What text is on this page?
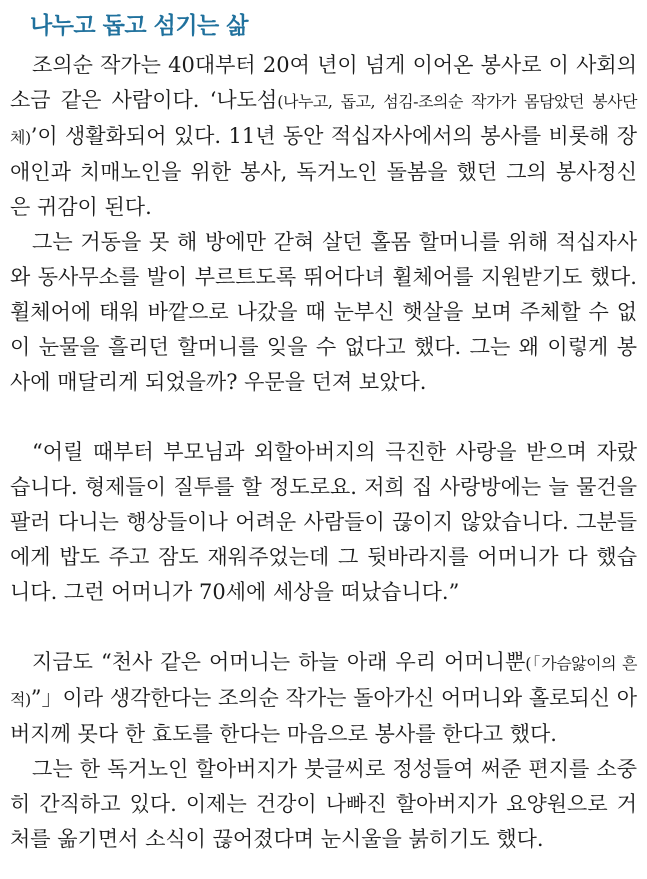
나누고 돕고 섬기는 삶

조의순 작가는 40대부터 20여 년이 넘게 이어온 봉사로 이 사회의 소금 같은 사람이다. ‘나도섬(나누고, 돕고, 섬김-조의순 작가가 몸담았던 봉사단체)’이 생활화되어 있다. 11년 동안 적십자사에서의 봉사를 비롯해 장애인과 치매노인을 위한 봉사, 독거노인 돌봄을 했던 그의 봉사정신은 귀감이 된다.

그는 거동을 못 해 방에만 갇혀 살던 홀몸 할머니를 위해 적십자사와 동사무소를 발이 부르트도록 뛰어다녀 휠체어를 지원받기도 했다. 휠체어에 태워 바깥으로 나갔을 때 눈부신 햇살을 보며 주체할 수 없이 눈물을 흘리던 할머니를 잊을 수 없다고 했다. 그는 왜 이렇게 봉사에 매달리게 되었을까? 우문을 던져 보았다.

“어릴 때부터 부모님과 외할아버지의 극진한 사랑을 받으며 자랐습니다. 형제들이 질투를 할 정도로요. 저희 집 사랑방에는 늘 물건을 팔러 다니는 행상들이나 어려운 사람들이 끊이지 않았습니다. 그분들에게 밥도 주고 잠도 재워주었는데 그 뒷바라지를 어머니가 다 했습니다. 그런 어머니가 70세에 세상을 떠났습니다.”

지금도 “천사 같은 어머니는 하늘 아래 우리 어머니뿐(「가슴앓이의 흔적)”」이라 생각한다는 조의순 작가는 돌아가신 어머니와 홀로되신 아버지께 못다 한 효도를 한다는 마음으로 봉사를 한다고 했다.

그는 한 독거노인 할아버지가 붓글씨로 정성들여 써준 편지를 소중히 간직하고 있다. 이제는 건강이 나빠진 할아버지가 요양원으로 거처를 옮기면서 소식이 끊어졌다며 눈시울을 붉히기도 했다.
